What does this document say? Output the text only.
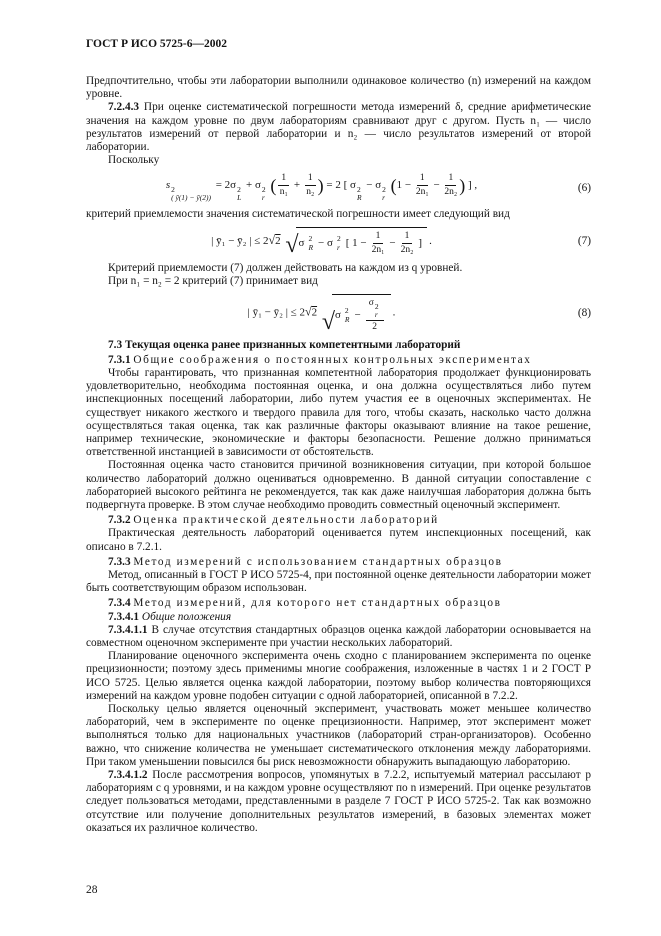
ГОСТ Р ИСО 5725-6—2002

Предпочтительно, чтобы эти лаборатории выполнили одинаковое количество (n) измерений на каждом уровне.

7.2.4.3 При оценке систематической погрешности метода измерений δ, средние арифметические значения на каждом уровне по двум лабораториям сравнивают друг с другом. Пусть n₁ — число результатов измерений от первой лаборатории и n₂ — число результатов измерений от второй лаборатории.

Поскольку

s 2
( ȳ(1) − ȳ(2))
= 2σ 2
L
+ σ 2
r
( $\frac{1}{\text{n₁}} + \frac{1}{\text{n₂}}$ ) = 2 [ σ 2
R
− σ 2
r
($1 - \frac{1}{\text{2n₁}} - \frac{1}{\text{2n₂}}$ ) ] ,	(6)

критерий приемлемости значения систематической погрешности имеет следующий вид

| ȳ₁ − ȳ₂ | ≤ 2√2 √ σ 2
R − σ 2
r [ $1 - \frac{1}{\text{2n₁}} - \frac{1}{\text{2n₂}}$ ] .	(7)

Критерий приемлемости (7) должен действовать на каждом из q уровней.

При n₁ = n₂ = 2 критерий (7) принимает вид

| ȳ₁ − ȳ₂ | ≤ 2√2 √ σ 2
R − σ 2
r
2 .	(8)

7.3 Текущая оценка ранее признанных компетентными лабораторий

7.3.1 Общие соображения о постоянных контрольных экспериментах

Чтобы гарантировать, что признанная компетентной лаборатория продолжает функционировать удовлетворительно, необходима постоянная оценка, и она должна осуществляться либо путем инспекционных посещений лаборатории, либо путем участия ее в оценочных экспериментах. Не существует никакого жесткого и твердого правила для того, чтобы сказать, насколько часто должна осуществляться такая оценка, так как различные факторы оказывают влияние на такое решение, например технические, экономические и факторы безопасности. Решение должно приниматься ответственной инстанцией в зависимости от обстоятельств.

Постоянная оценка часто становится причиной возникновения ситуации, при которой большое количество лабораторий должно оцениваться одновременно. В данной ситуации сопоставление с лабораторией высокого рейтинга не рекомендуется, так как даже наилучшая лаборатория должна быть подвергнута проверке. В этом случае необходимо проводить совместный оценочный эксперимент.

7.3.2 Оценка практической деятельности лабораторий

Практическая деятельность лабораторий оценивается путем инспекционных посещений, как описано в 7.2.1.

7.3.3 Метод измерений с использованием стандартных образцов

Метод, описанный в ГОСТ Р ИСО 5725-4, при постоянной оценке деятельности лаборатории может быть соответствующим образом использован.

7.3.4 Метод измерений, для которого нет стандартных образцов

7.3.4.1 Общие положения

7.3.4.1.1 В случае отсутствия стандартных образцов оценка каждой лаборатории основывается на совместном оценочном эксперименте при участии нескольких лабораторий.

Планирование оценочного эксперимента очень сходно с планированием эксперимента по оценке прецизионности; поэтому здесь применимы многие соображения, изложенные в частях 1 и 2 ГОСТ Р ИСО 5725. Целью является оценка каждой лаборатории, поэтому выбор количества повторяющихся измерений на каждом уровне подобен ситуации с одной лабораторией, описанной в 7.2.2.

Поскольку целью является оценочный эксперимент, участвовать может меньшее количество лабораторий, чем в эксперименте по оценке прецизионности. Например, этот эксперимент может выполняться только для национальных участников (лабораторий стран-организаторов). Особенно важно, что снижение количества не уменьшает систематического отклонения между лабораториями. При таком уменьшении повысился бы риск невозможности обнаружить выпадающую лабораторию.

7.3.4.1.2 После рассмотрения вопросов, упомянутых в 7.2.2, испытуемый материал рассылают p лабораториям с q уровнями, и на каждом уровне осуществляют по n измерений. При оценке результатов следует пользоваться методами, представленными в разделе 7 ГОСТ Р ИСО 5725-2. Так как возможно отсутствие или получение дополнительных результатов измерений, в базовых элементах может оказаться их различное количество.

28
